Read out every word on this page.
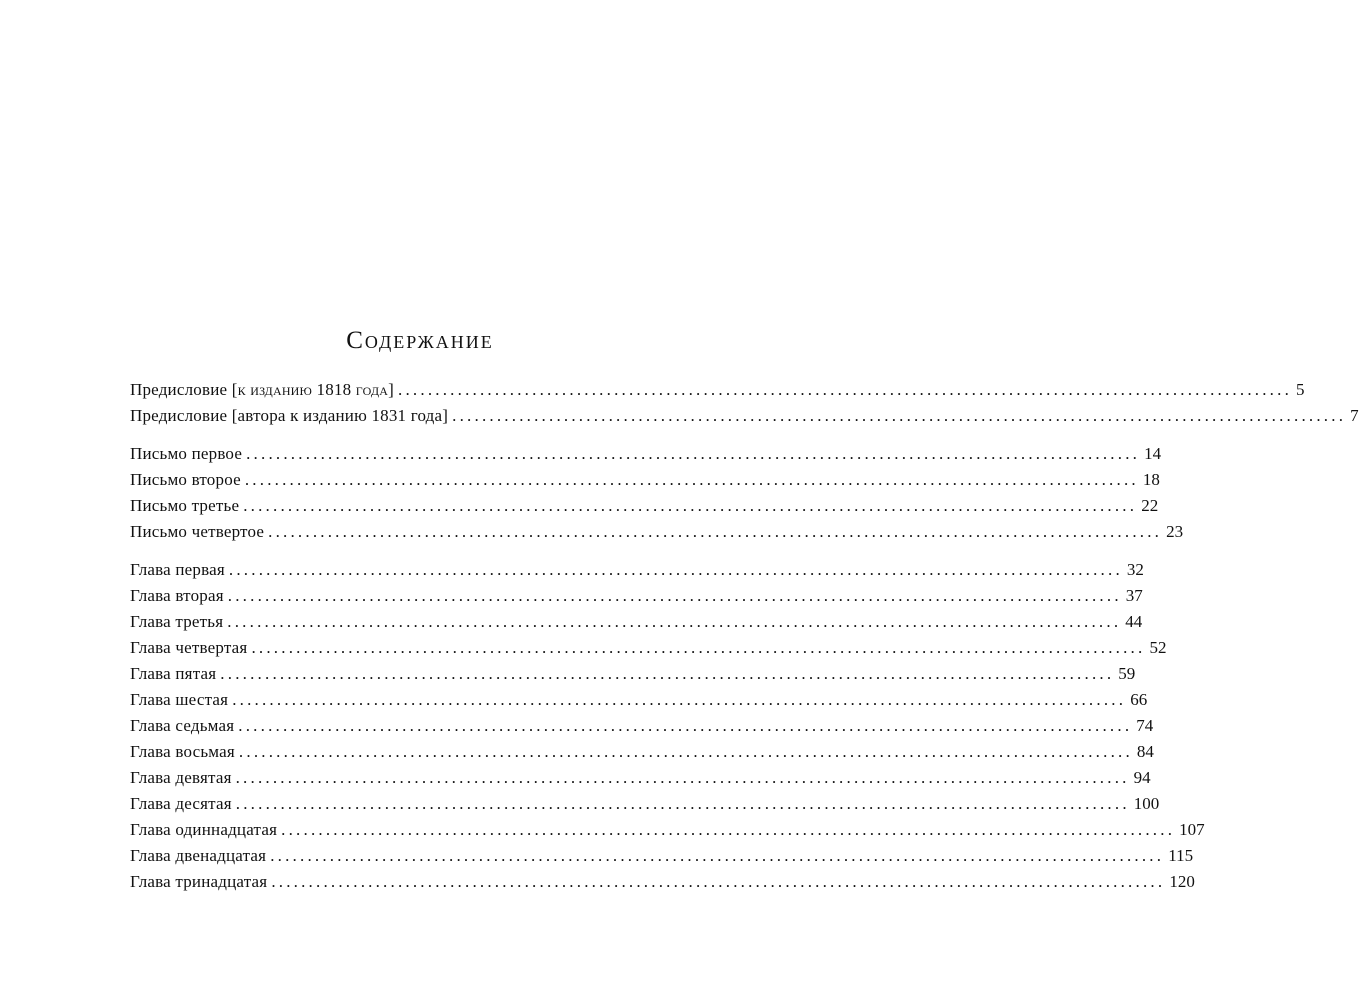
Содержание
Предисловие [к изданию 1818 года] ........................................................................................................................ 5
Предисловие [автора к изданию 1831 года] ........................................................................................................................ 7
Письмо первое ........................................................................................................................ 14
Письмо второе ........................................................................................................................ 18
Письмо третье ........................................................................................................................ 22
Письмо четвертое ........................................................................................................................ 23
Глава первая ........................................................................................................................ 32
Глава вторая ........................................................................................................................ 37
Глава третья ........................................................................................................................ 44
Глава четвертая ........................................................................................................................ 52
Глава пятая ........................................................................................................................ 59
Глава шестая ........................................................................................................................ 66
Глава седьмая ........................................................................................................................ 74
Глава восьмая ........................................................................................................................ 84
Глава девятая ........................................................................................................................ 94
Глава десятая ........................................................................................................................ 100
Глава одиннадцатая ........................................................................................................................ 107
Глава двенадцатая ........................................................................................................................ 115
Глава тринадцатая ........................................................................................................................ 120
